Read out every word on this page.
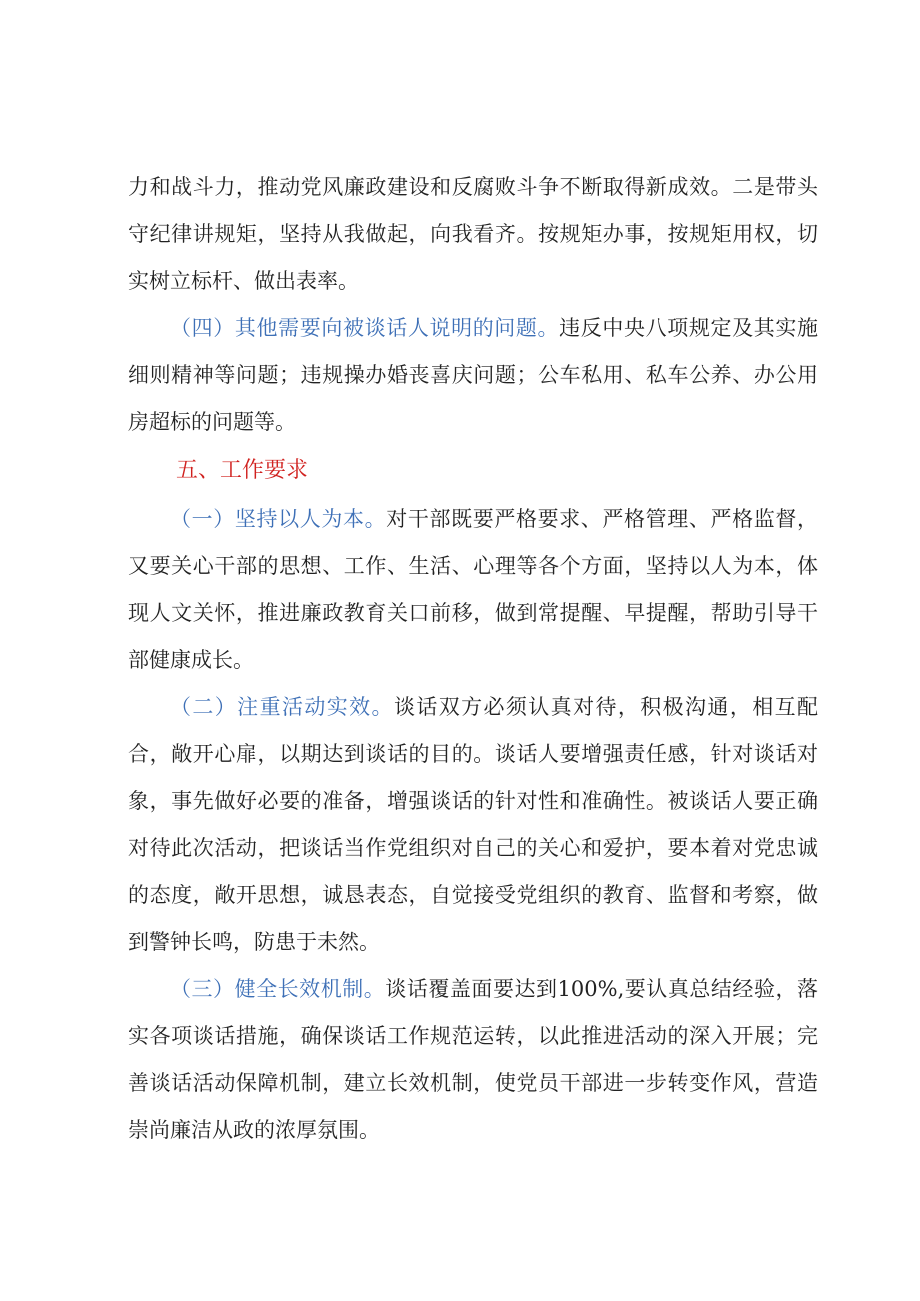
力和战斗力，推动党风廉政建设和反腐败斗争不断取得新成效。二是带头守纪律讲规矩，坚持从我做起，向我看齐。按规矩办事，按规矩用权，切实树立标杆、做出表率。

（四）其他需要向被谈话人说明的问题。违反中央八项规定及其实施细则精神等问题；违规操办婚丧喜庆问题；公车私用、私车公养、办公用房超标的问题等。

五、工作要求

（一）坚持以人为本。对干部既要严格要求、严格管理、严格监督，又要关心干部的思想、工作、生活、心理等各个方面，坚持以人为本，体现人文关怀，推进廉政教育关口前移，做到常提醒、早提醒，帮助引导干部健康成长。

（二）注重活动实效。谈话双方必须认真对待，积极沟通，相互配合，敞开心扉，以期达到谈话的目的。谈话人要增强责任感，针对谈话对象，事先做好必要的准备，增强谈话的针对性和准确性。被谈话人要正确对待此次活动，把谈话当作党组织对自己的关心和爱护，要本着对党忠诚的态度，敞开思想，诚恳表态，自觉接受党组织的教育、监督和考察，做到警钟长鸣，防患于未然。

（三）健全长效机制。谈话覆盖面要达到100%,要认真总结经验，落实各项谈话措施，确保谈话工作规范运转，以此推进活动的深入开展；完善谈话活动保障机制，建立长效机制，使党员干部进一步转变作风，营造崇尚廉洁从政的浓厚氛围。
